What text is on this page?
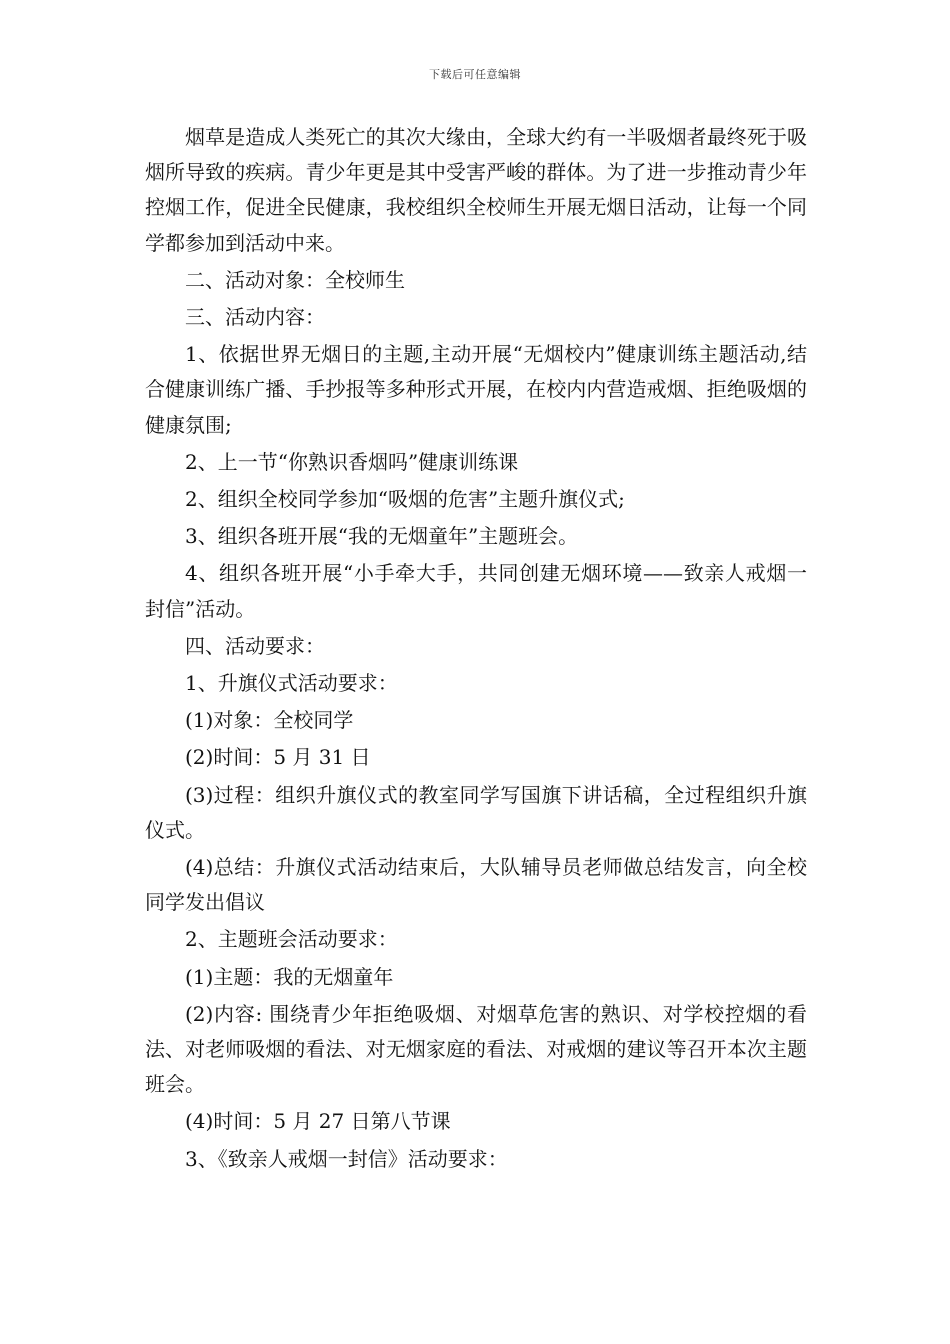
下载后可任意编辑

烟草是造成人类死亡的其次大缘由，全球大约有一半吸烟者最终死于吸烟所导致的疾病。青少年更是其中受害严峻的群体。为了进一步推动青少年控烟工作，促进全民健康，我校组织全校师生开展无烟日活动，让每一个同学都参加到活动中来。

二、活动对象：全校师生

三、活动内容：

1、依据世界无烟日的主题,主动开展“无烟校内”健康训练主题活动,结合健康训练广播、手抄报等多种形式开展，在校内内营造戒烟、拒绝吸烟的健康氛围;

2、上一节“你熟识香烟吗”健康训练课

2、组织全校同学参加“吸烟的危害”主题升旗仪式;

3、组织各班开展“我的无烟童年”主题班会。

4、组织各班开展“小手牵大手，共同创建无烟环境——致亲人戒烟一封信”活动。

四、活动要求：

1、升旗仪式活动要求：

(1)对象：全校同学

(2)时间：5 月 31 日

(3)过程：组织升旗仪式的教室同学写国旗下讲话稿，全过程组织升旗仪式。

(4)总结：升旗仪式活动结束后，大队辅导员老师做总结发言，向全校同学发出倡议

2、主题班会活动要求：

(1)主题：我的无烟童年

(2)内容: 围绕青少年拒绝吸烟、对烟草危害的熟识、对学校控烟的看法、对老师吸烟的看法、对无烟家庭的看法、对戒烟的建议等召开本次主题班会。

(4)时间：5 月 27 日第八节课

3、《致亲人戒烟一封信》活动要求：
